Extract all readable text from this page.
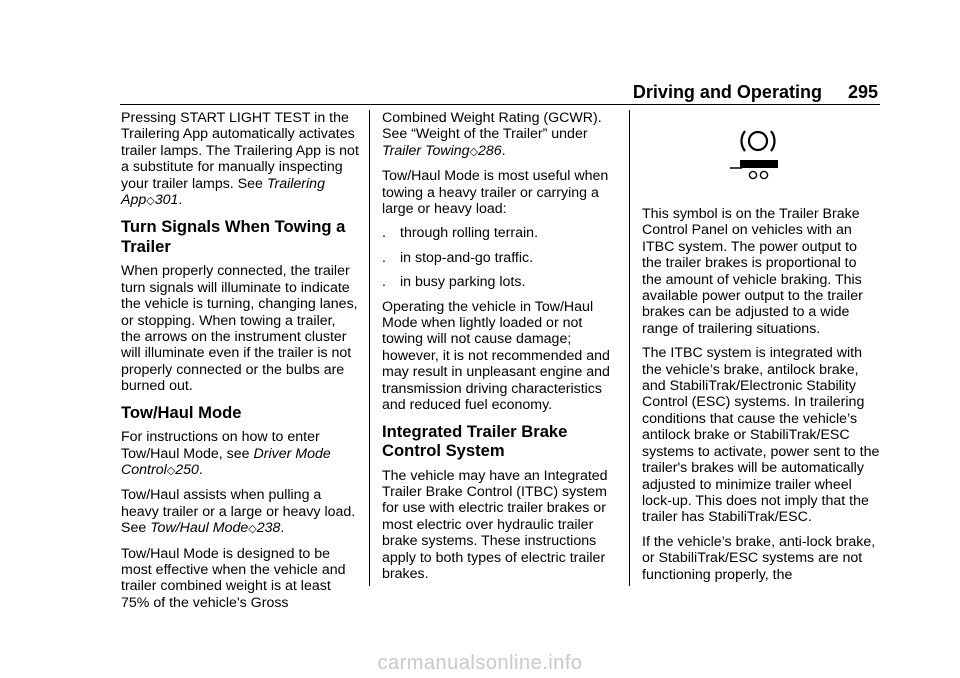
Driving and Operating 295

Pressing START LIGHT TEST in the Trailering App automatically activates trailer lamps. The Trailering App is not a substitute for manually inspecting your trailer lamps. See Trailering App◇301.

Turn Signals When Towing a Trailer

When properly connected, the trailer turn signals will illuminate to indicate the vehicle is turning, changing lanes, or stopping. When towing a trailer, the arrows on the instrument cluster will illuminate even if the trailer is not properly connected or the bulbs are burned out.

Tow/Haul Mode

For instructions on how to enter Tow/Haul Mode, see Driver Mode Control◇250.

Tow/Haul assists when pulling a heavy trailer or a large or heavy load. See Tow/Haul Mode◇238.

Tow/Haul Mode is designed to be most effective when the vehicle and trailer combined weight is at least 75% of the vehicle's Gross

Combined Weight Rating (GCWR). See “Weight of the Trailer” under Trailer Towing◇286.

Tow/Haul Mode is most useful when towing a heavy trailer or carrying a large or heavy load:

. through rolling terrain.
. in stop-and-go traffic.
. in busy parking lots.

Operating the vehicle in Tow/Haul Mode when lightly loaded or not towing will not cause damage; however, it is not recommended and may result in unpleasant engine and transmission driving characteristics and reduced fuel economy.

Integrated Trailer Brake Control System

The vehicle may have an Integrated Trailer Brake Control (ITBC) system for use with electric trailer brakes or most electric over hydraulic trailer brake systems. These instructions apply to both types of electric trailer brakes.

This symbol is on the Trailer Brake Control Panel on vehicles with an ITBC system. The power output to the trailer brakes is proportional to the amount of vehicle braking. This available power output to the trailer brakes can be adjusted to a wide range of trailering situations.

The ITBC system is integrated with the vehicle’s brake, antilock brake, and StabiliTrak/Electronic Stability Control (ESC) systems. In trailering conditions that cause the vehicle’s antilock brake or StabiliTrak/ESC systems to activate, power sent to the trailer's brakes will be automatically adjusted to minimize trailer wheel lock-up. This does not imply that the trailer has StabiliTrak/ESC.

If the vehicle’s brake, anti-lock brake, or StabiliTrak/ESC systems are not functioning properly, the

carmanualsonline.info
